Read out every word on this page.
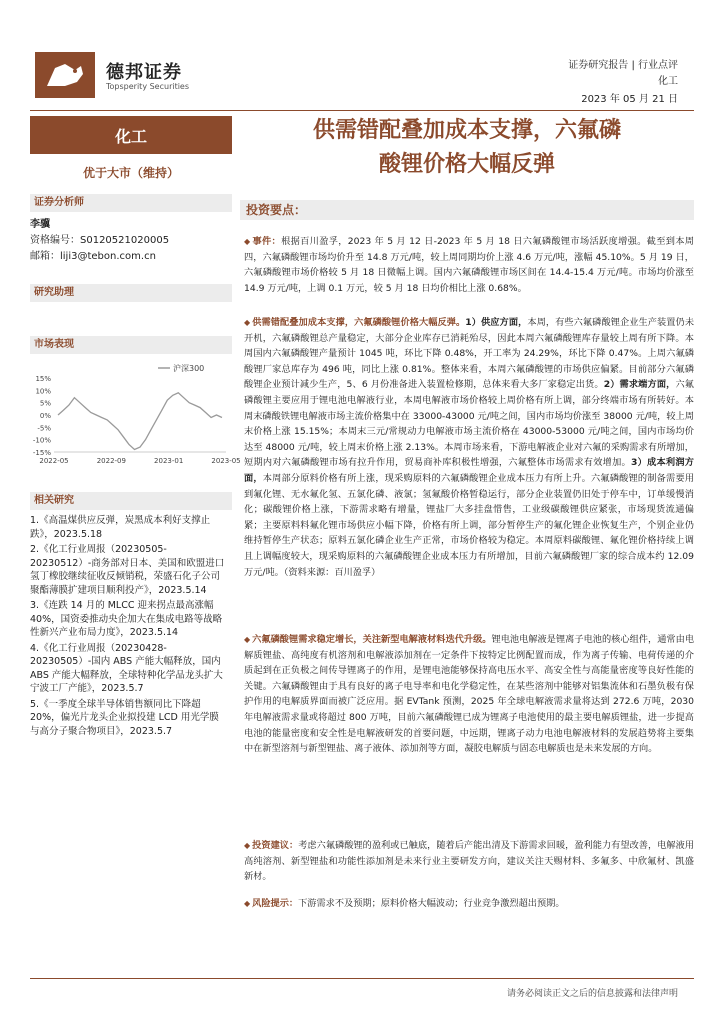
德邦证券
Topsperity Securities
证券研究报告 | 行业点评
化工
2023 年 05 月 21 日
化工
优于大市（维持）
证券分析师
李骥
资格编号：S0120521020005
邮箱：liji3@tebon.com.cn
研究助理
市场表现
15%
10%
5%
0%
-5%
-10%
-15%
2022-05	2022-09	2023-01	2023-05
沪深300
相关研究

1.《高温煤供应反弹，炭黑成本利好支撑止跌》，2023.5.18

2.《化工行业周报（20230505-20230512）-商务部对日本、美国和欧盟进口氢丁橡胶继续征收反倾销税，荣盛石化子公司聚酯薄膜扩建项目顺利投产》，2023.5.14

3.《连跌 14 月的 MLCC 迎来拐点最高涨幅 40%，国资委推动央企加大在集成电路等战略性新兴产业布局力度》，2023.5.14

4.《化工行业周报（20230428-20230505）-国内 ABS 产能大幅释放，国内 ABS 产能大幅释放，全球特种化学品龙头扩大宁波工厂产能》，2023.5.7

5.《一季度全球半导体销售额同比下降超 20%，偏光片龙头企业拟投建 LCD 用光学膜与高分子聚合物项目》，2023.5.7

供需错配叠加成本支撑，六氟磷
酸锂价格大幅反弹
投资要点：
◆ 事件：根据百川盈孚，2023 年 5 月 12 日-2023 年 5 月 18 日六氟磷酸锂市场活跃度增强。截至到本周四，六氟磷酸锂市场均价升至 14.8 万元/吨，较上周同期均价上涨 4.6 万元/吨，涨幅 45.10%。5 月 19 日，六氟磷酸锂市场价格较 5 月 18 日微幅上调。国内六氟磷酸锂市场区间在 14.4-15.4 万元/吨。市场均价涨至 14.9 万元/吨，上调 0.1 万元，较 5 月 18 日均价相比上涨 0.68%。
◆ 供需错配叠加成本支撑，六氟磷酸锂价格大幅反弹。1）供应方面，本周，有些六氟磷酸锂企业生产装置仍未开机，六氟磷酸锂总产量稳定，大部分企业库存已消耗殆尽，因此本周六氟磷酸锂库存量较上周有所下降。本周国内六氟磷酸锂产量预计 1045 吨，环比下降 0.48%，开工率为 24.29%，环比下降 0.47%。上周六氟磷酸锂厂家总库存为 496 吨，同比上涨 0.81%。整体来看，本周六氟磷酸锂的市场供应偏紧。目前部分六氟磷酸锂企业预计减少生产，5、6 月份准备进入装置检修期，总体来看大多厂家稳定出货。2）需求端方面，六氟磷酸锂主要应用于锂电池电解液行业，本周电解液市场价格较上周价格有所上调，部分终端市场有所转好。本周末磷酸铁锂电解液市场主流价格集中在 33000-43000 元/吨之间，国内市场均价涨至 38000 元/吨，较上周末价格上涨 15.15%；本周末三元/常规动力电解液市场主流价格在 43000-53000 元/吨之间，国内市场均价达至 48000 元/吨，较上周末价格上涨 2.13%。本周市场来看，下游电解液企业对六氟的采购需求有所增加，短期内对六氟磷酸锂市场有拉升作用，贸易商补库积极性增强，六氟整体市场需求有效增加。3）成本利润方面，本周部分原料价格有所上涨，现采购原料的六氟磷酸锂企业成本压力有所上升。六氟磷酸锂的制备需要用到氟化锂、无水氟化氢、五氯化磷、液氯；氢氟酸价格暂稳运行，部分企业装置仍旧处于停车中，订单缓慢消化；碳酸锂价格上涨，下游需求略有增量，锂盐厂大多挂盘惜售，工业级碳酸锂供应紧张，市场现货流通偏紧；主要原料料氟化锂市场供应小幅下降，价格有所上调，部分暂停生产的氟化锂企业恢复生产，个别企业仍维持暂停生产状态；原料五氯化磷企业生产正常，市场价格较为稳定。本周原料碳酸锂、氟化锂价格持续上调且上调幅度较大，现采购原料的六氟磷酸锂企业成本压力有所增加，目前六氟磷酸锂厂家的综合成本约 12.09 万元/吨。（资料来源：百川盈孚）
◆ 六氟磷酸锂需求稳定增长，关注新型电解液材料迭代升级。锂电池电解液是锂离子电池的核心组件，通常由电解质锂盐、高纯度有机溶剂和电解液添加剂在一定条件下按特定比例配置而成，作为离子传输、电荷传递的介质起到在正负极之间传导锂离子的作用，是锂电池能够保持高电压水平、高安全性与高能量密度等良好性能的关键。六氟磷酸锂由于具有良好的离子电导率和电化学稳定性，在某些溶剂中能够对铝集流体和石墨负极有保护作用的电解质界面而被广泛应用。据 EVTank 预测，2025 年全球电解液需求量将达到 272.6 万吨，2030 年电解液需求量或将超过 800 万吨，目前六氟磷酸锂已成为锂离子电池使用的最主要电解质锂盐，进一步提高电池的能量密度和安全性是电解液研发的首要问题，中远期，锂离子动力电池电解液材料的发展趋势将主要集中在新型溶剂与新型锂盐、离子液体、添加剂等方面，凝胶电解质与固态电解质也是未来发展的方向。
◆ 投资建议：考虑六氟磷酸锂的盈利或已触底，随着后产能出清及下游需求回暖，盈利能力有望改善，电解液用高纯溶剂、新型锂盐和功能性添加剂是未来行业主要研发方向，建议关注天赐材料、多氟多、中欣氟材、凯盛新材。
◆ 风险提示：下游需求不及预期；原料价格大幅波动；行业竞争激烈超出预期。
请务必阅读正文之后的信息披露和法律声明
